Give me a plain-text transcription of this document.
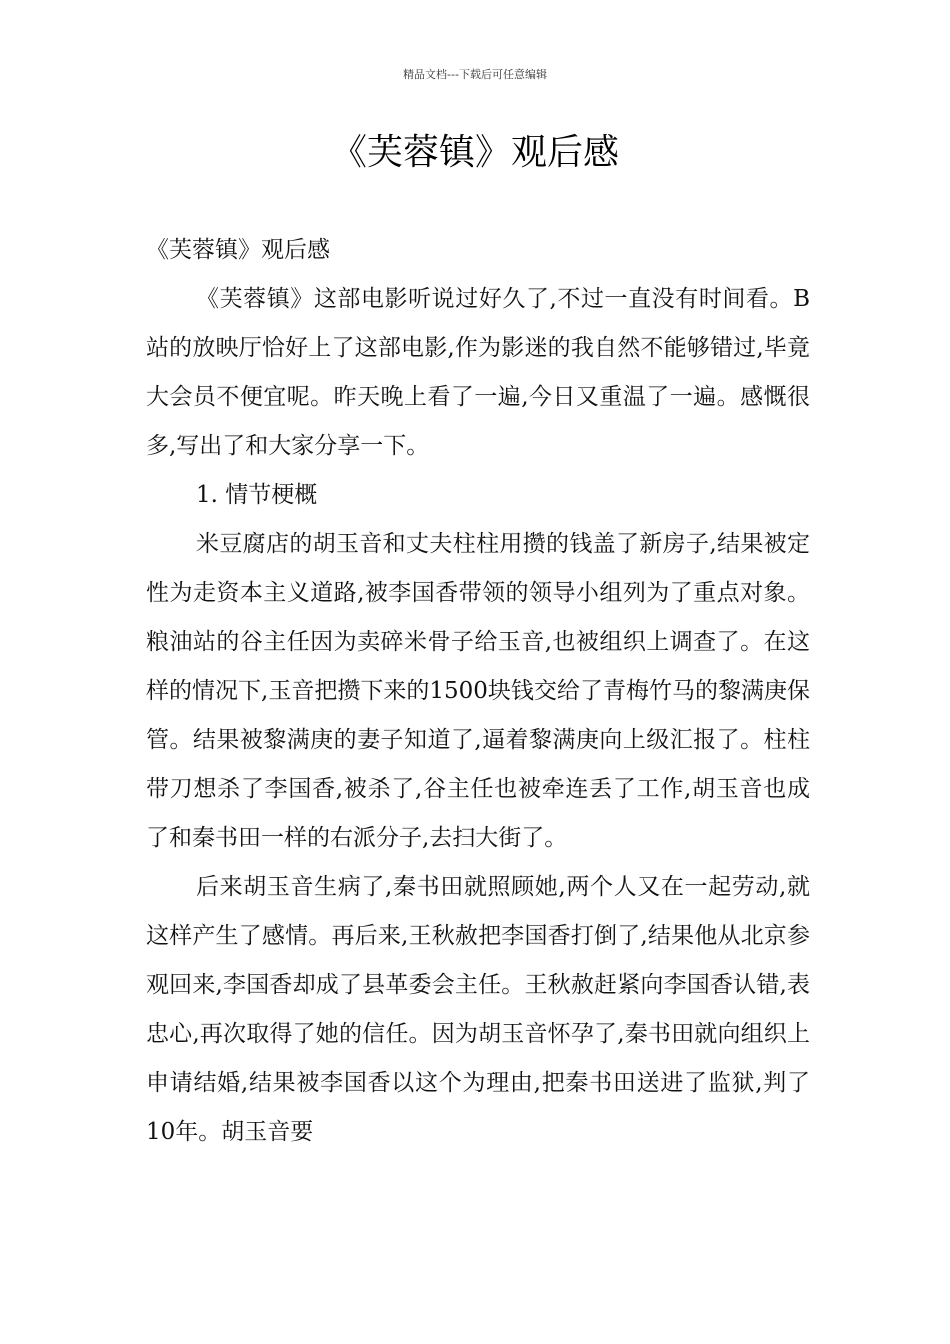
精品文档---下载后可任意编辑
《芙蓉镇》观后感

《芙蓉镇》观后感

《芙蓉镇》这部电影听说过好久了,不过一直没有时间看。B站的放映厅恰好上了这部电影,作为影迷的我自然不能够错过,毕竟大会员不便宜呢。昨天晚上看了一遍,今日又重温了一遍。感慨很多,写出了和大家分享一下。

1. 情节梗概

米豆腐店的胡玉音和丈夫柱柱用攒的钱盖了新房子,结果被定性为走资本主义道路,被李国香带领的领导小组列为了重点对象。粮油站的谷主任因为卖碎米骨子给玉音,也被组织上调查了。在这样的情况下,玉音把攒下来的1500块钱交给了青梅竹马的黎满庚保管。结果被黎满庚的妻子知道了,逼着黎满庚向上级汇报了。柱柱带刀想杀了李国香,被杀了,谷主任也被牵连丢了工作,胡玉音也成了和秦书田一样的右派分子,去扫大街了。

后来胡玉音生病了,秦书田就照顾她,两个人又在一起劳动,就这样产生了感情。再后来,王秋赦把李国香打倒了,结果他从北京参观回来,李国香却成了县革委会主任。王秋赦赶紧向李国香认错,表忠心,再次取得了她的信任。因为胡玉音怀孕了,秦书田就向组织上申请结婚,结果被李国香以这个为理由,把秦书田送进了监狱,判了10年。胡玉音要
